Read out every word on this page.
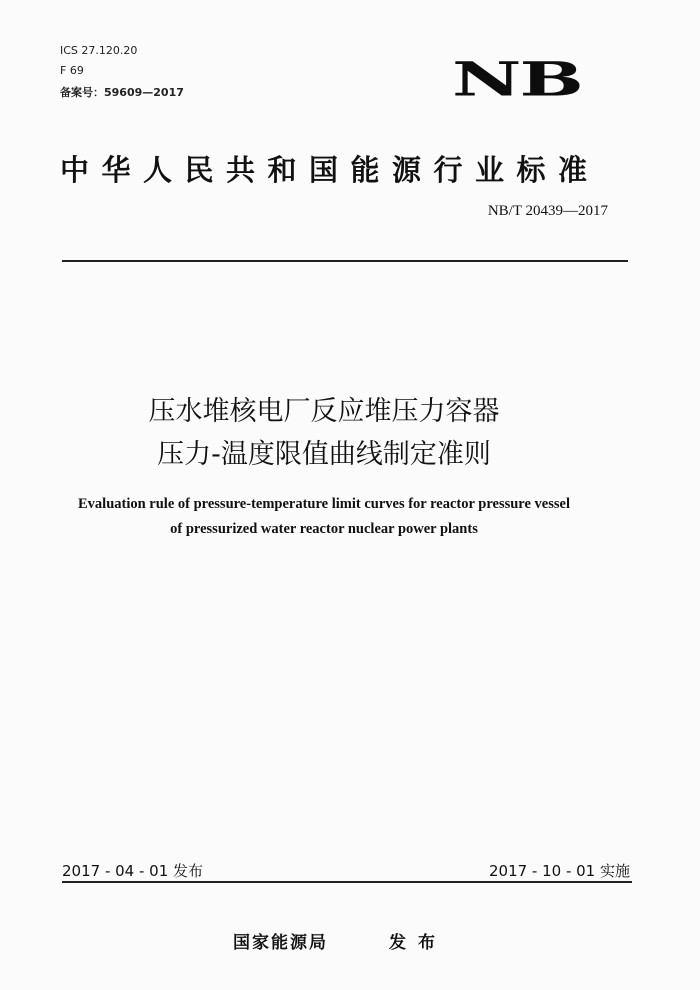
ICS 27.120.20
F 69
备案号：59609—2017	NB
中华人民共和国能源行业标准
NB/T 20439—2017
压水堆核电厂反应堆压力容器
压力-温度限值曲线制定准则
Evaluation rule of pressure-temperature limit curves for reactor pressure vessel
of pressurized water reactor nuclear power plants
2017 - 04 - 01 发布	2017 - 10 - 01 实施
国家能源局	发布
